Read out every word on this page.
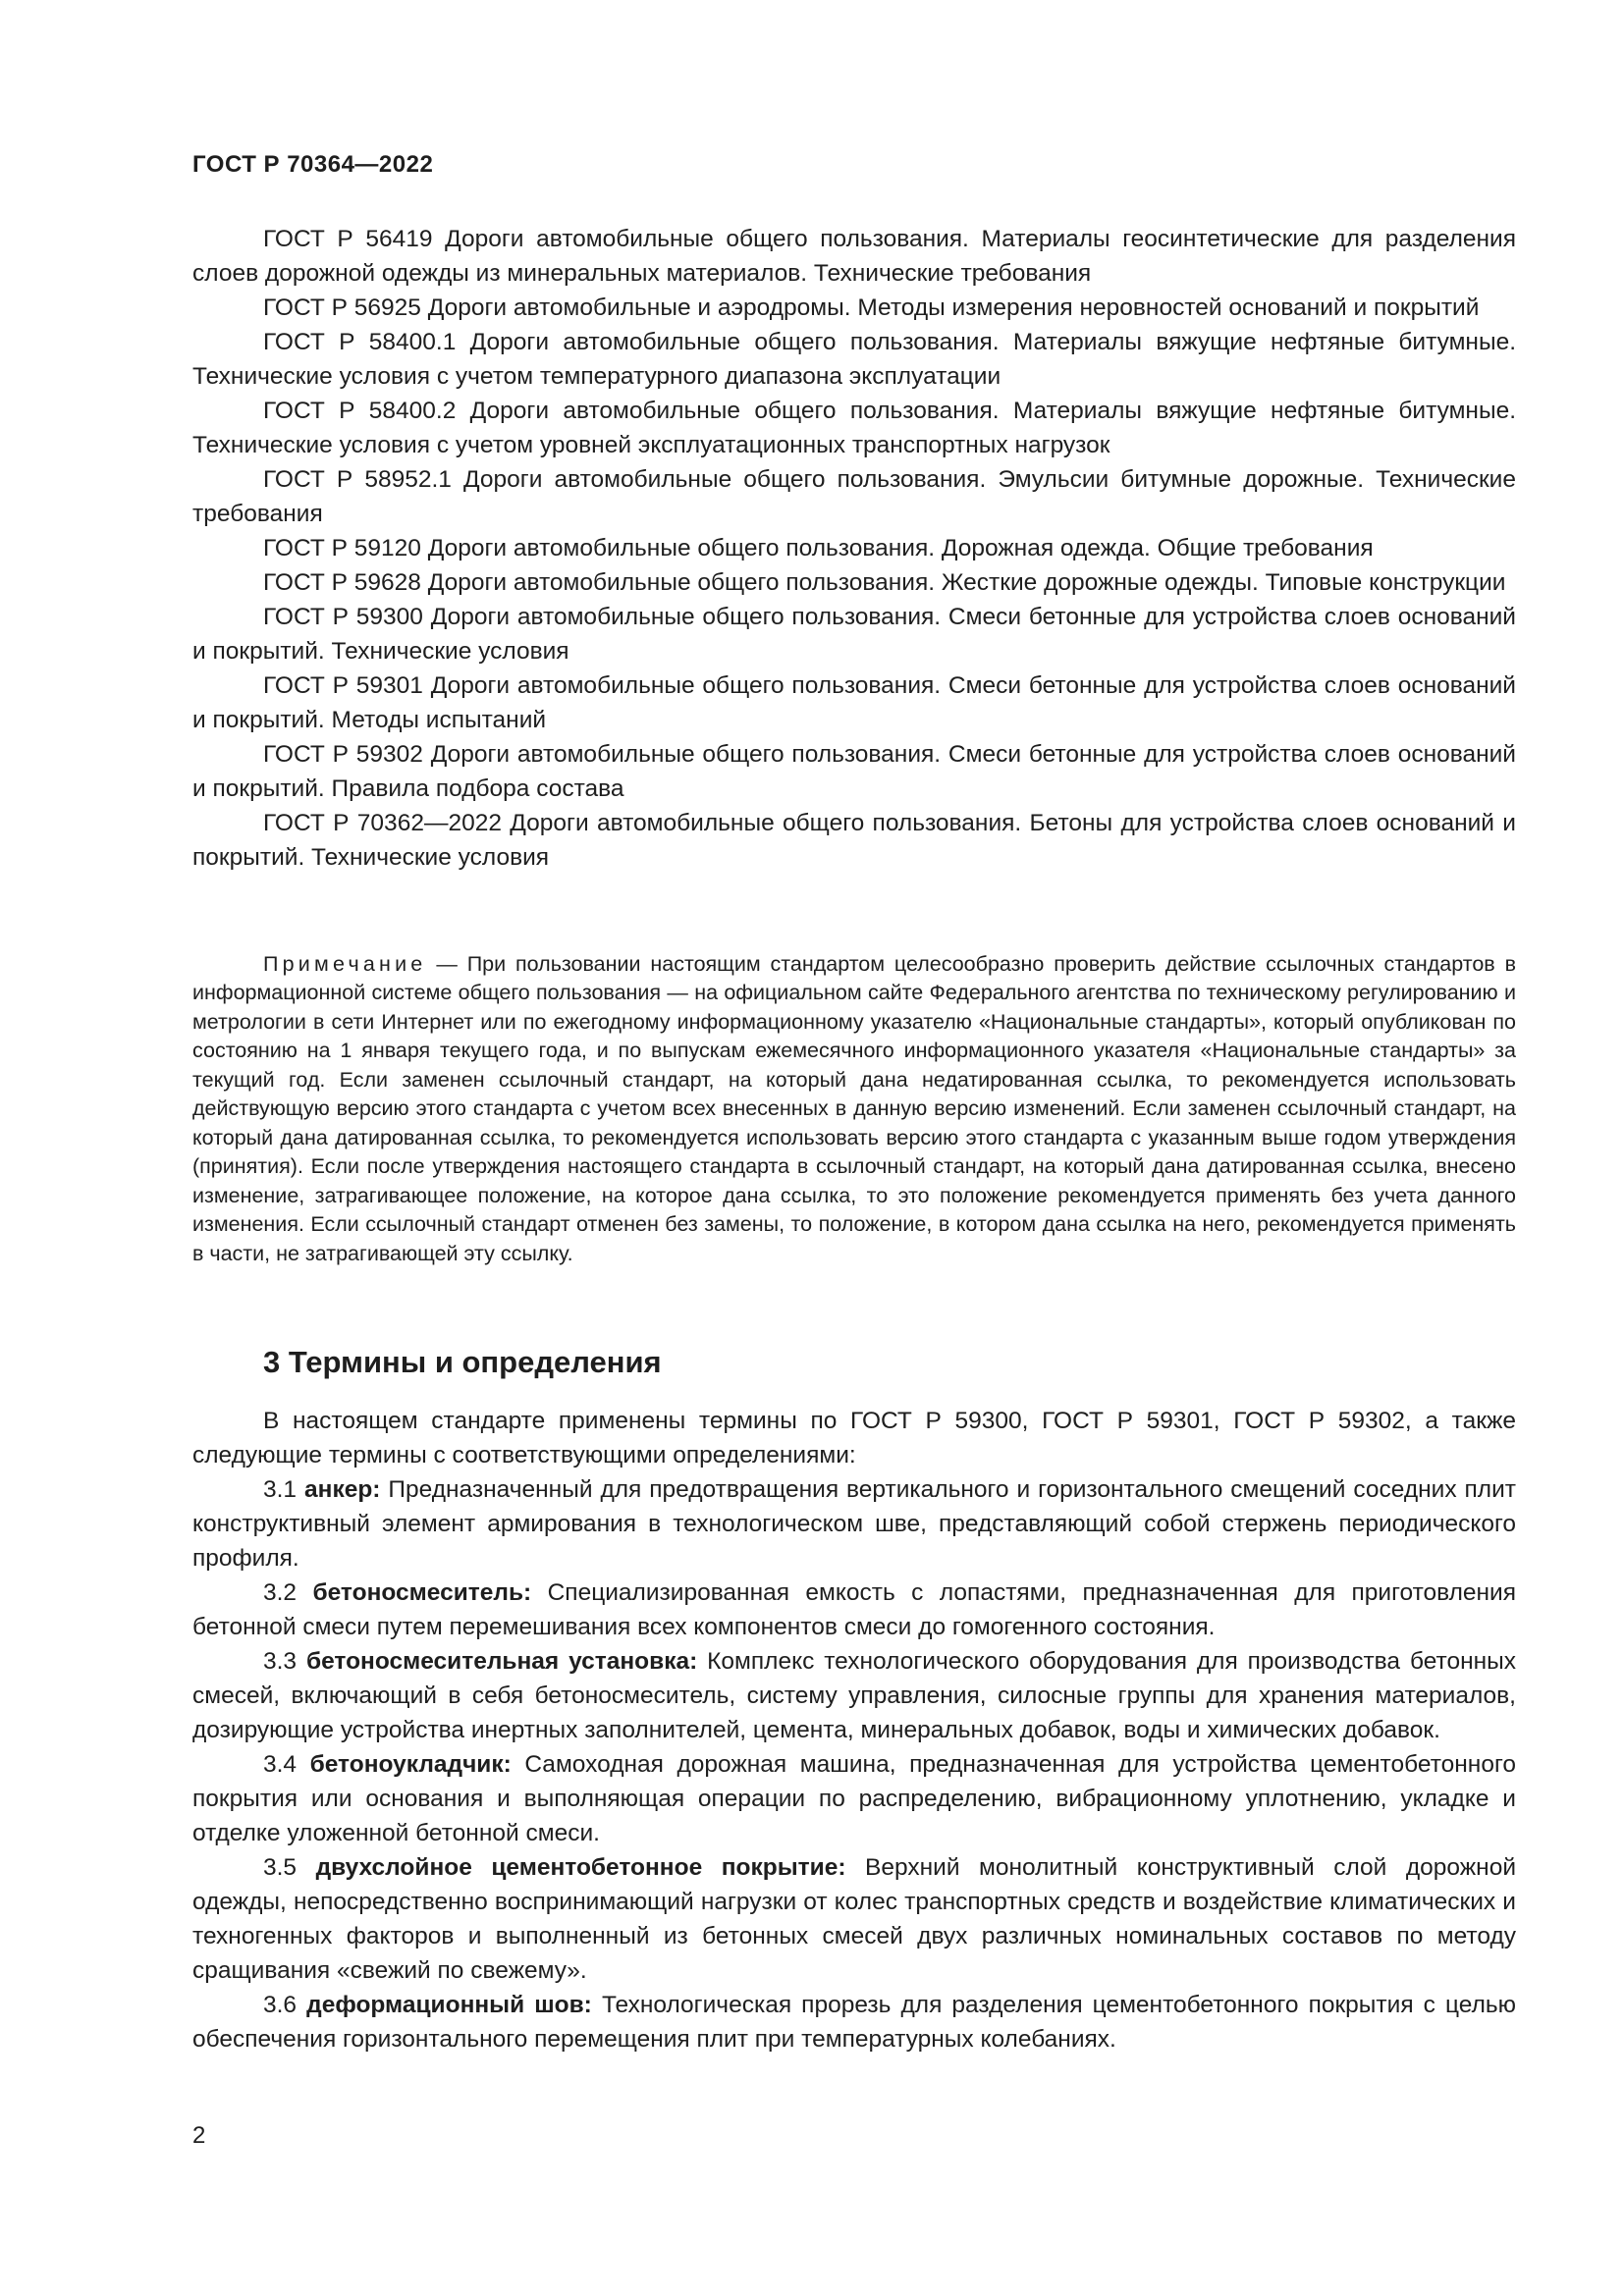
ГОСТ Р 70364—2022

ГОСТ Р 56419 Дороги автомобильные общего пользования. Материалы геосинтетические для разделения слоев дорожной одежды из минеральных материалов. Технические требования

ГОСТ Р 56925 Дороги автомобильные и аэродромы. Методы измерения неровностей оснований и покрытий

ГОСТ Р 58400.1 Дороги автомобильные общего пользования. Материалы вяжущие нефтяные битумные. Технические условия с учетом температурного диапазона эксплуатации

ГОСТ Р 58400.2 Дороги автомобильные общего пользования. Материалы вяжущие нефтяные битумные. Технические условия с учетом уровней эксплуатационных транспортных нагрузок

ГОСТ Р 58952.1 Дороги автомобильные общего пользования. Эмульсии битумные дорожные. Технические требования

ГОСТ Р 59120 Дороги автомобильные общего пользования. Дорожная одежда. Общие требования

ГОСТ Р 59628 Дороги автомобильные общего пользования. Жесткие дорожные одежды. Типовые конструкции

ГОСТ Р 59300 Дороги автомобильные общего пользования. Смеси бетонные для устройства слоев оснований и покрытий. Технические условия

ГОСТ Р 59301 Дороги автомобильные общего пользования. Смеси бетонные для устройства слоев оснований и покрытий. Методы испытаний

ГОСТ Р 59302 Дороги автомобильные общего пользования. Смеси бетонные для устройства слоев оснований и покрытий. Правила подбора состава

ГОСТ Р 70362—2022 Дороги автомобильные общего пользования. Бетоны для устройства слоев оснований и покрытий. Технические условия

Примечание — При пользовании настоящим стандартом целесообразно проверить действие ссылочных стандартов в информационной системе общего пользования — на официальном сайте Федерального агентства по техническому регулированию и метрологии в сети Интернет или по ежегодному информационному указателю «Национальные стандарты», который опубликован по состоянию на 1 января текущего года, и по выпускам ежемесячного информационного указателя «Национальные стандарты» за текущий год. Если заменен ссылочный стандарт, на который дана недатированная ссылка, то рекомендуется использовать действующую версию этого стандарта с учетом всех внесенных в данную версию изменений. Если заменен ссылочный стандарт, на который дана датированная ссылка, то рекомендуется использовать версию этого стандарта с указанным выше годом утверждения (принятия). Если после утверждения настоящего стандарта в ссылочный стандарт, на который дана датированная ссылка, внесено изменение, затрагивающее положение, на которое дана ссылка, то это положение рекомендуется применять без учета данного изменения. Если ссылочный стандарт отменен без замены, то положение, в котором дана ссылка на него, рекомендуется применять в части, не затрагивающей эту ссылку.

3 Термины и определения

В настоящем стандарте применены термины по ГОСТ Р 59300, ГОСТ Р 59301, ГОСТ Р 59302, а также следующие термины с соответствующими определениями:

3.1 анкер: Предназначенный для предотвращения вертикального и горизонтального смещений соседних плит конструктивный элемент армирования в технологическом шве, представляющий собой стержень периодического профиля.

3.2 бетоносмеситель: Специализированная емкость с лопастями, предназначенная для приготовления бетонной смеси путем перемешивания всех компонентов смеси до гомогенного состояния.

3.3 бетоносмесительная установка: Комплекс технологического оборудования для производства бетонных смесей, включающий в себя бетоносмеситель, систему управления, силосные группы для хранения материалов, дозирующие устройства инертных заполнителей, цемента, минеральных добавок, воды и химических добавок.

3.4 бетоноукладчик: Самоходная дорожная машина, предназначенная для устройства цементобетонного покрытия или основания и выполняющая операции по распределению, вибрационному уплотнению, укладке и отделке уложенной бетонной смеси.

3.5 двухслойное цементобетонное покрытие: Верхний монолитный конструктивный слой дорожной одежды, непосредственно воспринимающий нагрузки от колес транспортных средств и воздействие климатических и техногенных факторов и выполненный из бетонных смесей двух различных номинальных составов по методу сращивания «свежий по свежему».

3.6 деформационный шов: Технологическая прорезь для разделения цементобетонного покрытия с целью обеспечения горизонтального перемещения плит при температурных колебаниях.

2
